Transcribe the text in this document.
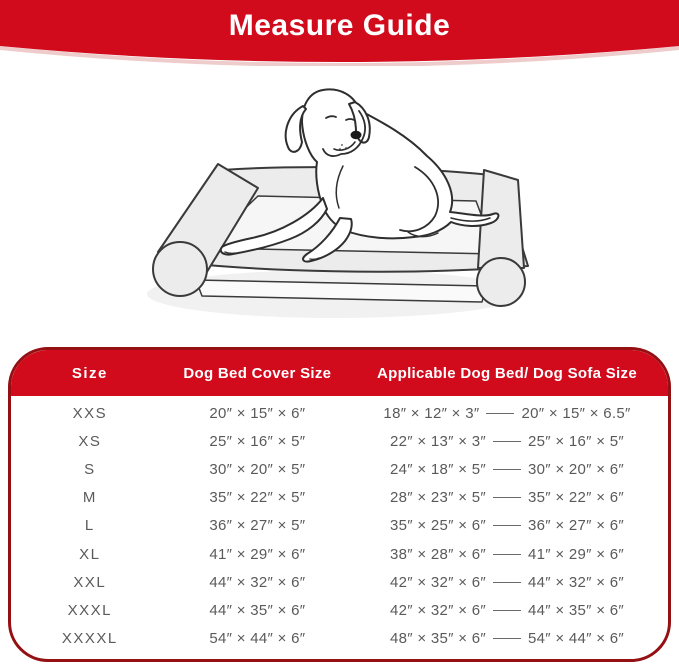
Measure Guide
Size	Dog Bed Cover Size	Applicable Dog Bed/ Dog Sofa Size
XXS	20″ × 15″ × 6″	18″ × 12″ × 3″	20″ × 15″ × 6.5″
XS	25″ × 16″ × 5″	22″ × 13″ × 3″	25″ × 16″ × 5″
S	30″ × 20″ × 5″	24″ × 18″ × 5″	30″ × 20″ × 6″
M	35″ × 22″ × 5″	28″ × 23″ × 5″	35″ × 22″ × 6″
L	36″ × 27″ × 5″	35″ × 25″ × 6″	36″ × 27″ × 6″
XL	41″ × 29″ × 6″	38″ × 28″ × 6″	41″ × 29″ × 6″
XXL	44″ × 32″ × 6″	42″ × 32″ × 6″	44″ × 32″ × 6″
XXXL	44″ × 35″ × 6″	42″ × 32″ × 6″	44″ × 35″ × 6″
XXXXL	54″ × 44″ × 6″	48″ × 35″ × 6″	54″ × 44″ × 6″
